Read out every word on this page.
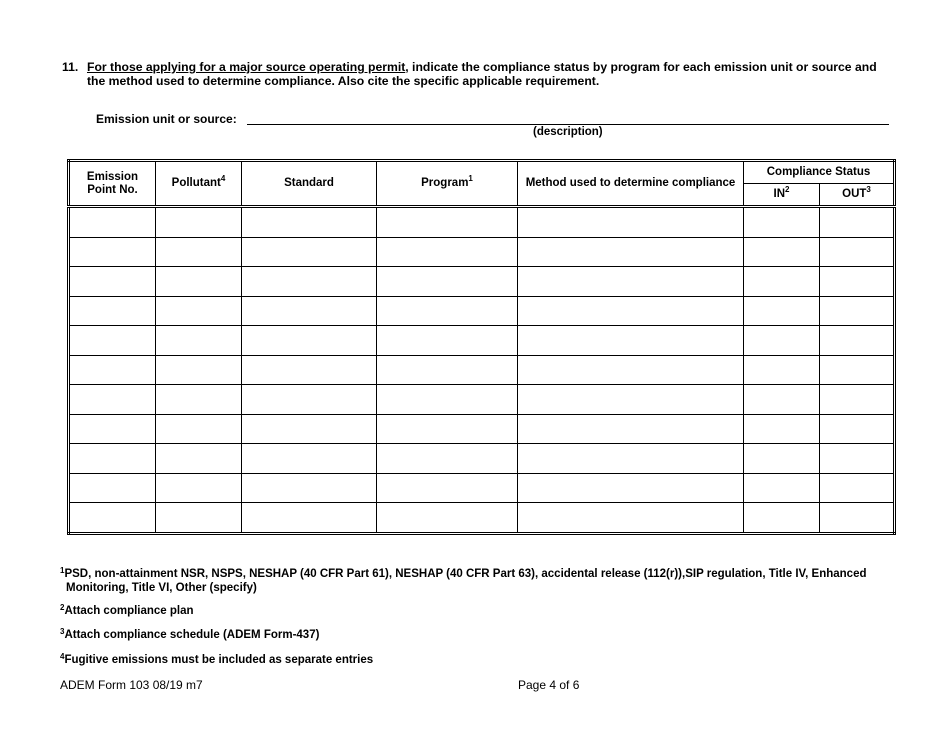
11. For those applying for a major source operating permit, indicate the compliance status by program for each emission unit or source and
the method used to determine compliance. Also cite the specific applicable requirement.
Emission unit or source:
(description)
Emission
Point No.	Pollutant$^4$	Standard	Program$^1$	Method used to determine compliance	Compliance Status	
					$IN^2$	OUT$^3$

$^1$PSD, non-attainment NSR, NSPS, NESHAP (40 CFR Part 61), NESHAP (40 CFR Part 63), accidental release (112(r)),SIP regulation, Title IV, Enhanced
Monitoring, Title VI, Other (specify)
$^2$Attach compliance plan
$^3$Attach compliance schedule (ADEM Form-437)
$^4$Fugitive emissions must be included as separate entries
ADEM Form 103 08/19 m7	Page 4 of 6
